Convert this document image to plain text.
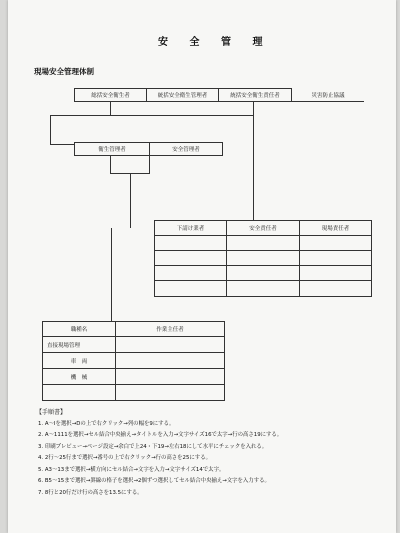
安 全 管 理
現場安全管理体制
総括安全衛生者	統括安全衛生管理者	統括安全衛生責任者	災害防止協議
衛生管理者	安全管理者
下請け業者	安全責任者	現場責任者
職種名	作業主任者
直接現場管理
車　両
機　械
【手順書】
1. A〜Iを選択→Dの上で右クリック→列の幅を9にする。
2. A〜1111を選択→セル結合中央揃え→タイトルを入力→文字サイズ16で太字→行の高さ19にする。
3. 印刷プレビュー→ページ設定→余白で上24・下19→左右18にして水平にチェックを入れる。
4. 2行〜25行まで選択→番号の上で右クリック→行の高さを25にする。
5. A3〜13まで選択→横方向にセル結合→文字を入力→文字サイズ14で太字。
6. B5〜15まで選択→罫線の格子を選択→2個ずつ選択してセル結合中央揃え→文字を入力する。
7. 8行と20行だけ行の高さを13.5にする。
